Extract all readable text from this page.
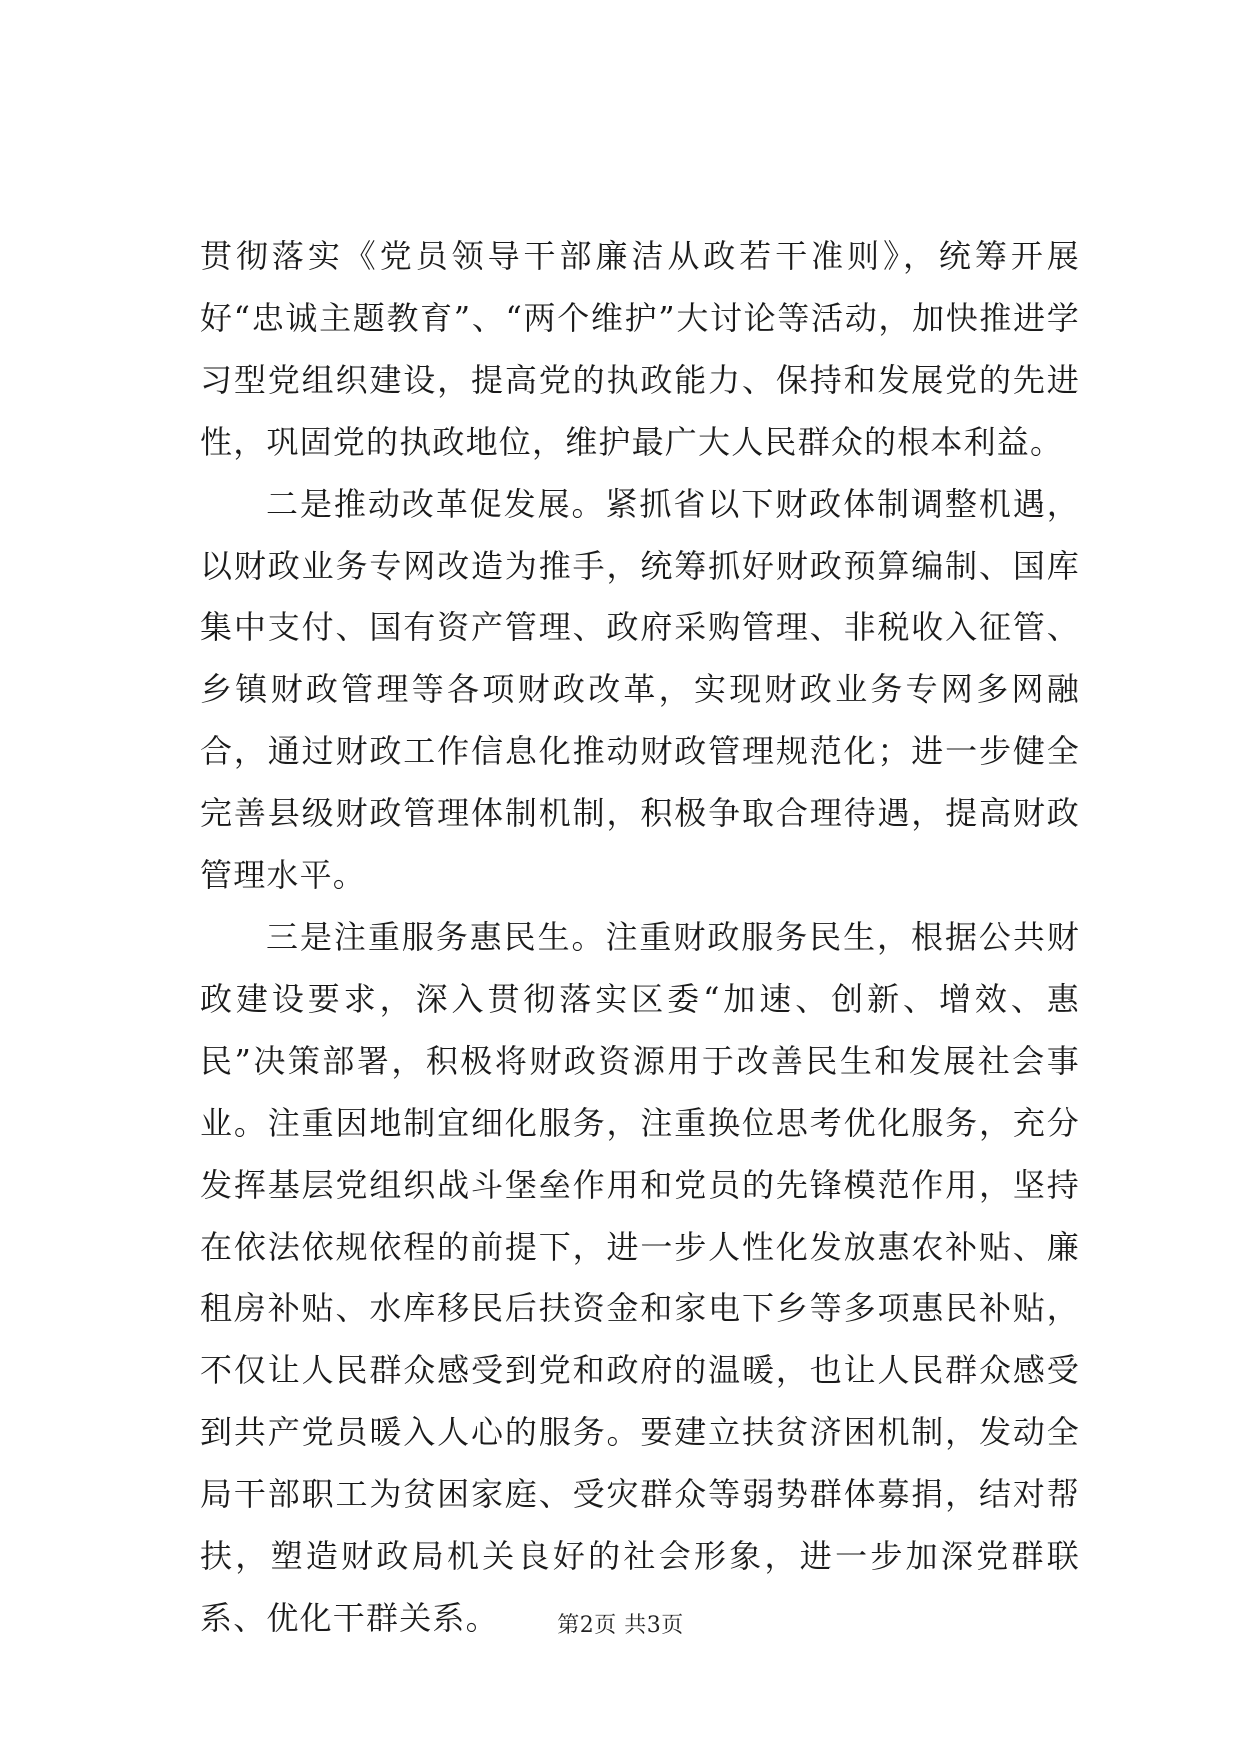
贯彻落实《党员领导干部廉洁从政若干准则》，统筹开展好“忠诚主题教育”、“两个维护”大讨论等活动，加快推进学习型党组织建设，提高党的执政能力、保持和发展党的先进性，巩固党的执政地位，维护最广大人民群众的根本利益。

二是推动改革促发展。紧抓省以下财政体制调整机遇，以财政业务专网改造为推手，统筹抓好财政预算编制、国库集中支付、国有资产管理、政府采购管理、非税收入征管、乡镇财政管理等各项财政改革，实现财政业务专网多网融合，通过财政工作信息化推动财政管理规范化；进一步健全完善县级财政管理体制机制，积极争取合理待遇，提高财政管理水平。

三是注重服务惠民生。注重财政服务民生，根据公共财政建设要求，深入贯彻落实区委“加速、创新、增效、惠民”决策部署，积极将财政资源用于改善民生和发展社会事业。注重因地制宜细化服务，注重换位思考优化服务，充分发挥基层党组织战斗堡垒作用和党员的先锋模范作用，坚持在依法依规依程的前提下，进一步人性化发放惠农补贴、廉租房补贴、水库移民后扶资金和家电下乡等多项惠民补贴，不仅让人民群众感受到党和政府的温暖，也让人民群众感受到共产党员暖入人心的服务。要建立扶贫济困机制，发动全局干部职工为贫困家庭、受灾群众等弱势群体募捐，结对帮扶，塑造财政局机关良好的社会形象，进一步加深党群联系、优化干群关系。	第2页 共3页
